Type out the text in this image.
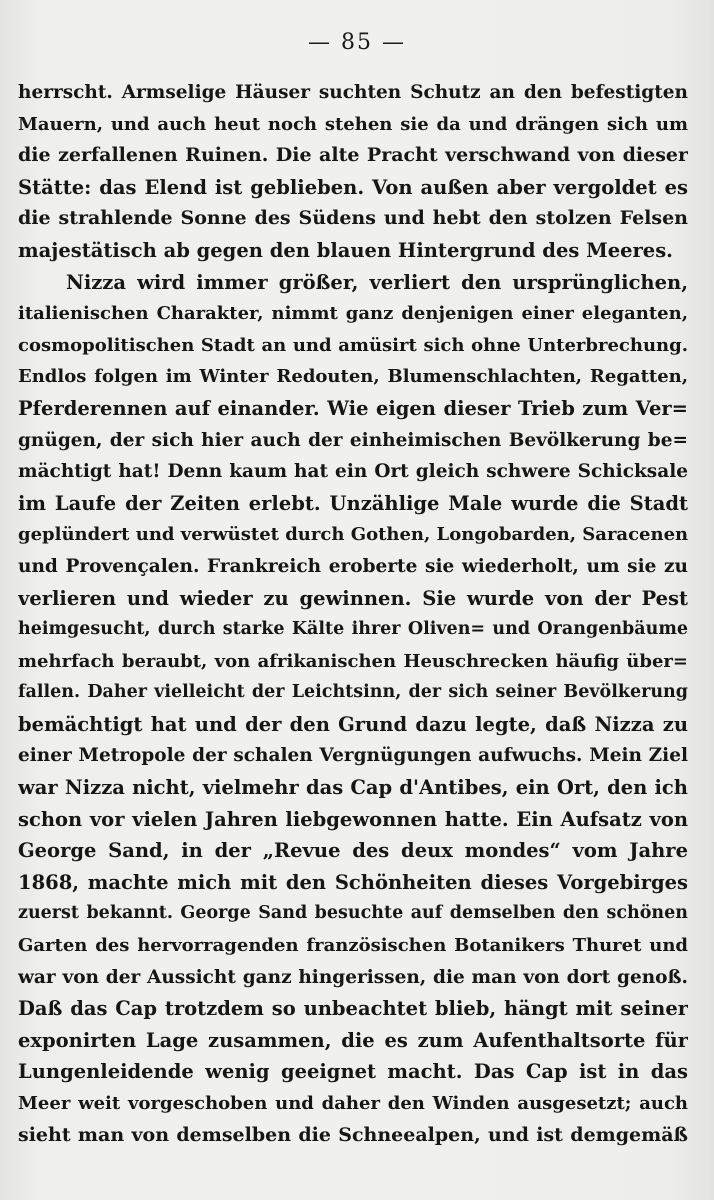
— 85 —
herrscht. Armselige Häuser suchten Schutz an den befestigten
Mauern, und auch heut noch stehen sie da und drängen sich um
die zerfallenen Ruinen. Die alte Pracht verschwand von dieser
Stätte: das Elend ist geblieben. Von außen aber vergoldet es
die strahlende Sonne des Südens und hebt den stolzen Felsen
majestätisch ab gegen den blauen Hintergrund des Meeres.
Nizza wird immer größer, verliert den ursprünglichen,
italienischen Charakter, nimmt ganz denjenigen einer eleganten,
cosmopolitischen Stadt an und amüsirt sich ohne Unterbrechung.
Endlos folgen im Winter Redouten, Blumenschlachten, Regatten,
Pferderennen auf einander. Wie eigen dieser Trieb zum Ver=
gnügen, der sich hier auch der einheimischen Bevölkerung be=
mächtigt hat! Denn kaum hat ein Ort gleich schwere Schicksale
im Laufe der Zeiten erlebt. Unzählige Male wurde die Stadt
geplündert und verwüstet durch Gothen, Longobarden, Saracenen
und Provençalen. Frankreich eroberte sie wiederholt, um sie zu
verlieren und wieder zu gewinnen. Sie wurde von der Pest
heimgesucht, durch starke Kälte ihrer Oliven= und Orangenbäume
mehrfach beraubt, von afrikanischen Heuschrecken häufig über=
fallen. Daher vielleicht der Leichtsinn, der sich seiner Bevölkerung
bemächtigt hat und der den Grund dazu legte, daß Nizza zu
einer Metropole der schalen Vergnügungen aufwuchs. Mein Ziel
war Nizza nicht, vielmehr das Cap d'Antibes, ein Ort, den ich
schon vor vielen Jahren liebgewonnen hatte. Ein Aufsatz von
George Sand, in der „Revue des deux mondes“ vom Jahre
1868, machte mich mit den Schönheiten dieses Vorgebirges
zuerst bekannt. George Sand besuchte auf demselben den schönen
Garten des hervorragenden französischen Botanikers Thuret und
war von der Aussicht ganz hingerissen, die man von dort genoß.
Daß das Cap trotzdem so unbeachtet blieb, hängt mit seiner
exponirten Lage zusammen, die es zum Aufenthaltsorte für
Lungenleidende wenig geeignet macht. Das Cap ist in das
Meer weit vorgeschoben und daher den Winden ausgesetzt; auch
sieht man von demselben die Schneealpen, und ist demgemäß
